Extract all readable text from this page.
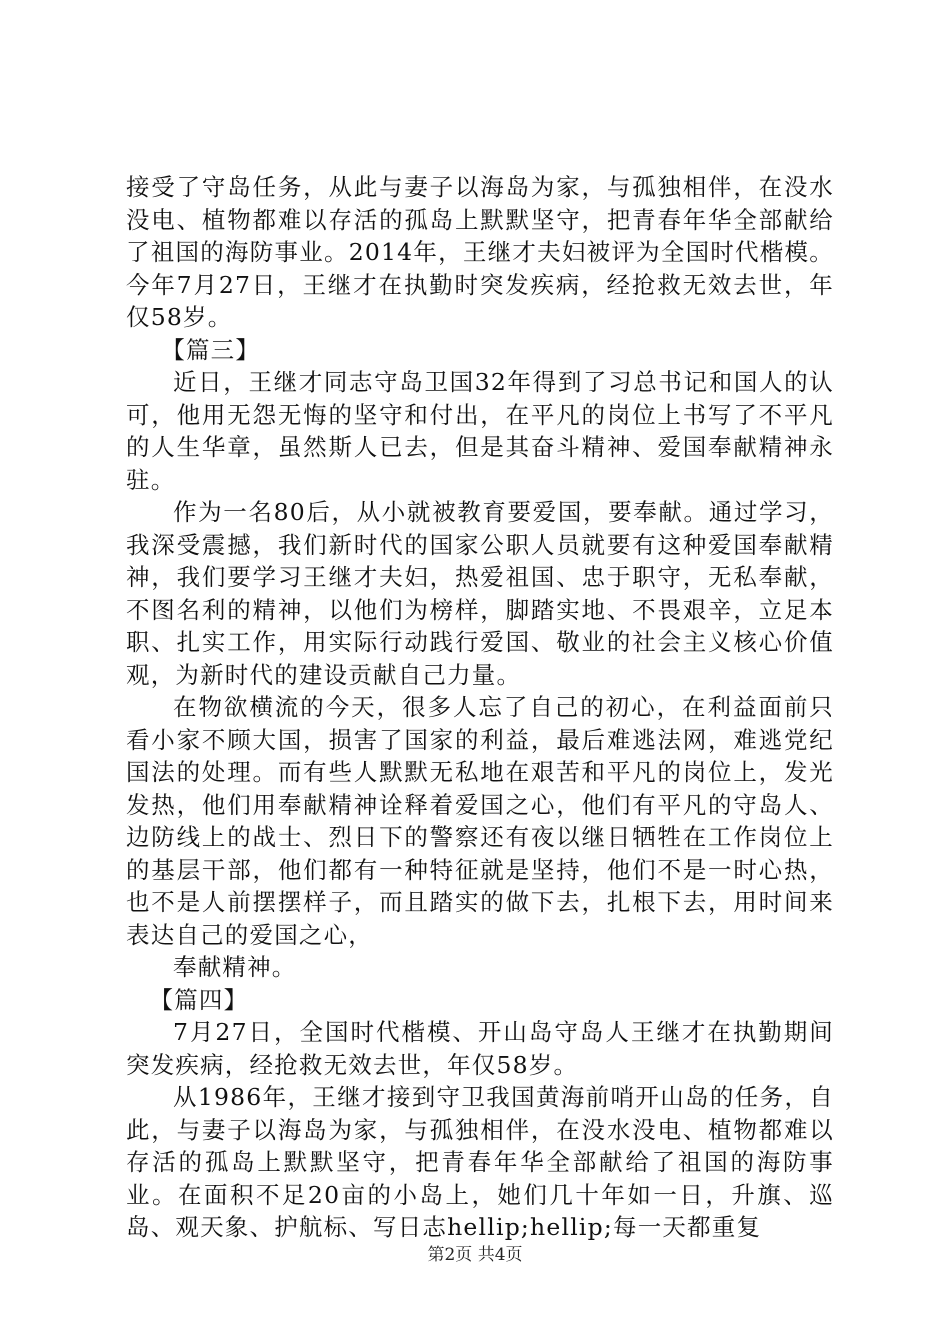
接受了守岛任务，从此与妻子以海岛为家，与孤独相伴，在没水没电、植物都难以存活的孤岛上默默坚守，把青春年华全部献给了祖国的海防事业。2014年，王继才夫妇被评为全国时代楷模。今年7月27日，王继才在执勤时突发疾病，经抢救无效去世，年仅58岁。

【篇三】

近日，王继才同志守岛卫国32年得到了习总书记和国人的认可，他用无怨无悔的坚守和付出，在平凡的岗位上书写了不平凡的人生华章，虽然斯人已去，但是其奋斗精神、爱国奉献精神永驻。

作为一名80后，从小就被教育要爱国，要奉献。通过学习，我深受震撼，我们新时代的国家公职人员就要有这种爱国奉献精神，我们要学习王继才夫妇，热爱祖国、忠于职守，无私奉献，不图名利的精神，以他们为榜样，脚踏实地、不畏艰辛，立足本职、扎实工作，用实际行动践行爱国、敬业的社会主义核心价值观，为新时代的建设贡献自己力量。

在物欲横流的今天，很多人忘了自己的初心，在利益面前只看小家不顾大国，损害了国家的利益，最后难逃法网，难逃党纪国法的处理。而有些人默默无私地在艰苦和平凡的岗位上，发光发热，他们用奉献精神诠释着爱国之心，他们有平凡的守岛人、边防线上的战士、烈日下的警察还有夜以继日牺牲在工作岗位上的基层干部，他们都有一种特征就是坚持，他们不是一时心热，也不是人前摆摆样子，而且踏实的做下去，扎根下去，用时间来表达自己的爱国之心，

奉献精神。

【篇四】

7月27日，全国时代楷模、开山岛守岛人王继才在执勤期间突发疾病，经抢救无效去世，年仅58岁。

从1986年，王继才接到守卫我国黄海前哨开山岛的任务，自此，与妻子以海岛为家，与孤独相伴，在没水没电、植物都难以存活的孤岛上默默坚守，把青春年华全部献给了祖国的海防事业。在面积不足20亩的小岛上，她们几十年如一日，升旗、巡岛、观天象、护航标、写日志hellip;hellip;每一天都重复

第2页 共4页
